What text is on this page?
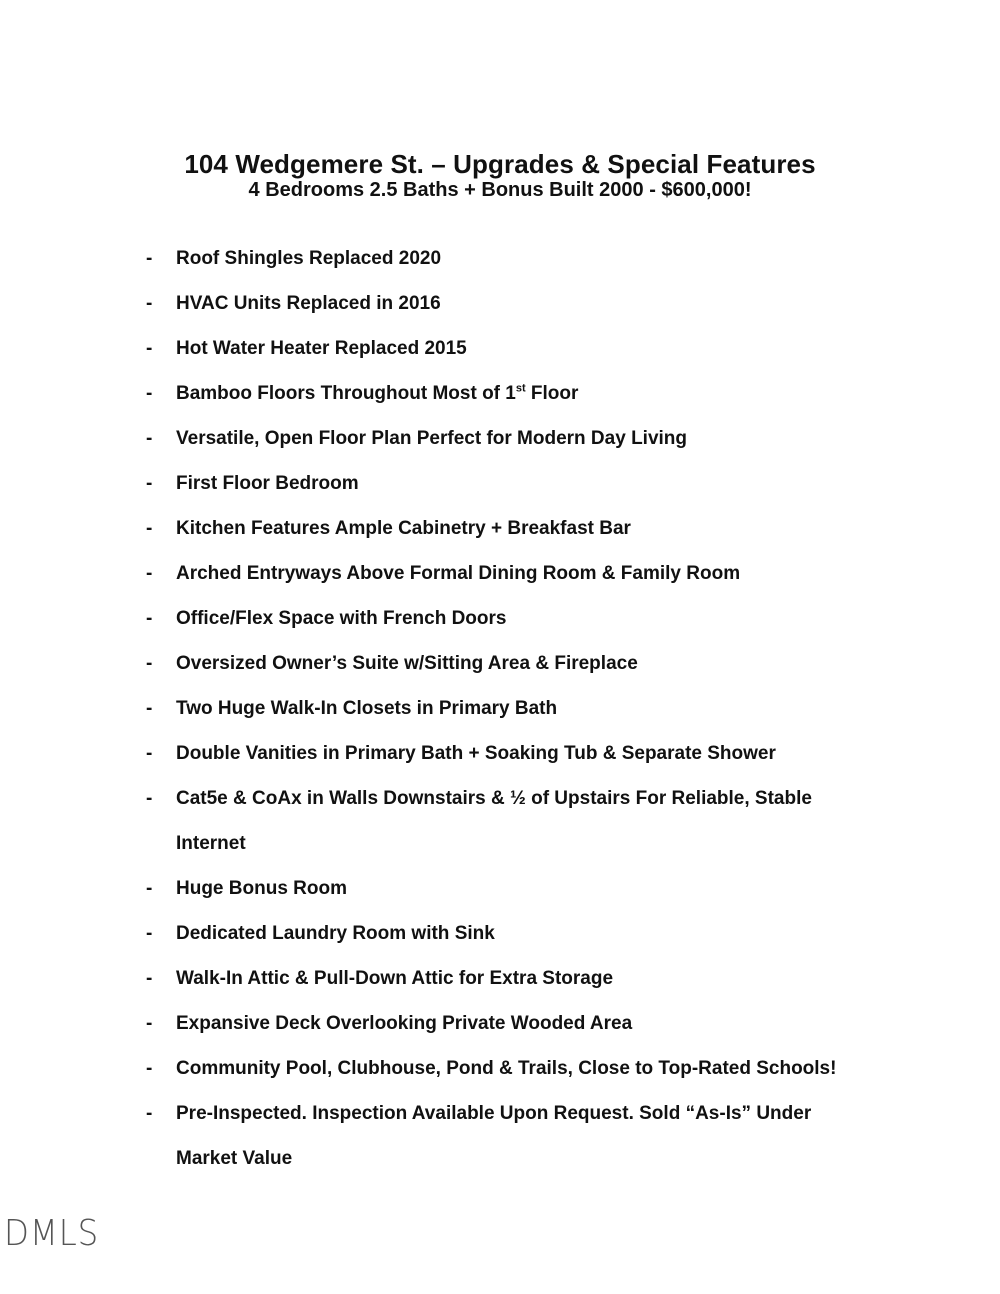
104 Wedgemere St. – Upgrades & Special Features
4 Bedrooms 2.5 Baths + Bonus Built 2000 - $600,000!
- Roof Shingles Replaced 2020
- HVAC Units Replaced in 2016
- Hot Water Heater Replaced 2015
- Bamboo Floors Throughout Most of 1st Floor
- Versatile, Open Floor Plan Perfect for Modern Day Living
- First Floor Bedroom
- Kitchen Features Ample Cabinetry + Breakfast Bar
- Arched Entryways Above Formal Dining Room & Family Room
- Office/Flex Space with French Doors
- Oversized Owner’s Suite w/Sitting Area & Fireplace
- Two Huge Walk-In Closets in Primary Bath
- Double Vanities in Primary Bath + Soaking Tub & Separate Shower
- Cat5e & CoAx in Walls Downstairs & ½ of Upstairs For Reliable, Stable
Internet
- Huge Bonus Room
- Dedicated Laundry Room with Sink
- Walk-In Attic & Pull-Down Attic for Extra Storage
- Expansive Deck Overlooking Private Wooded Area
- Community Pool, Clubhouse, Pond & Trails, Close to Top-Rated Schools!
- Pre-Inspected. Inspection Available Upon Request. Sold “As-Is” Under
Market Value
DMLS
